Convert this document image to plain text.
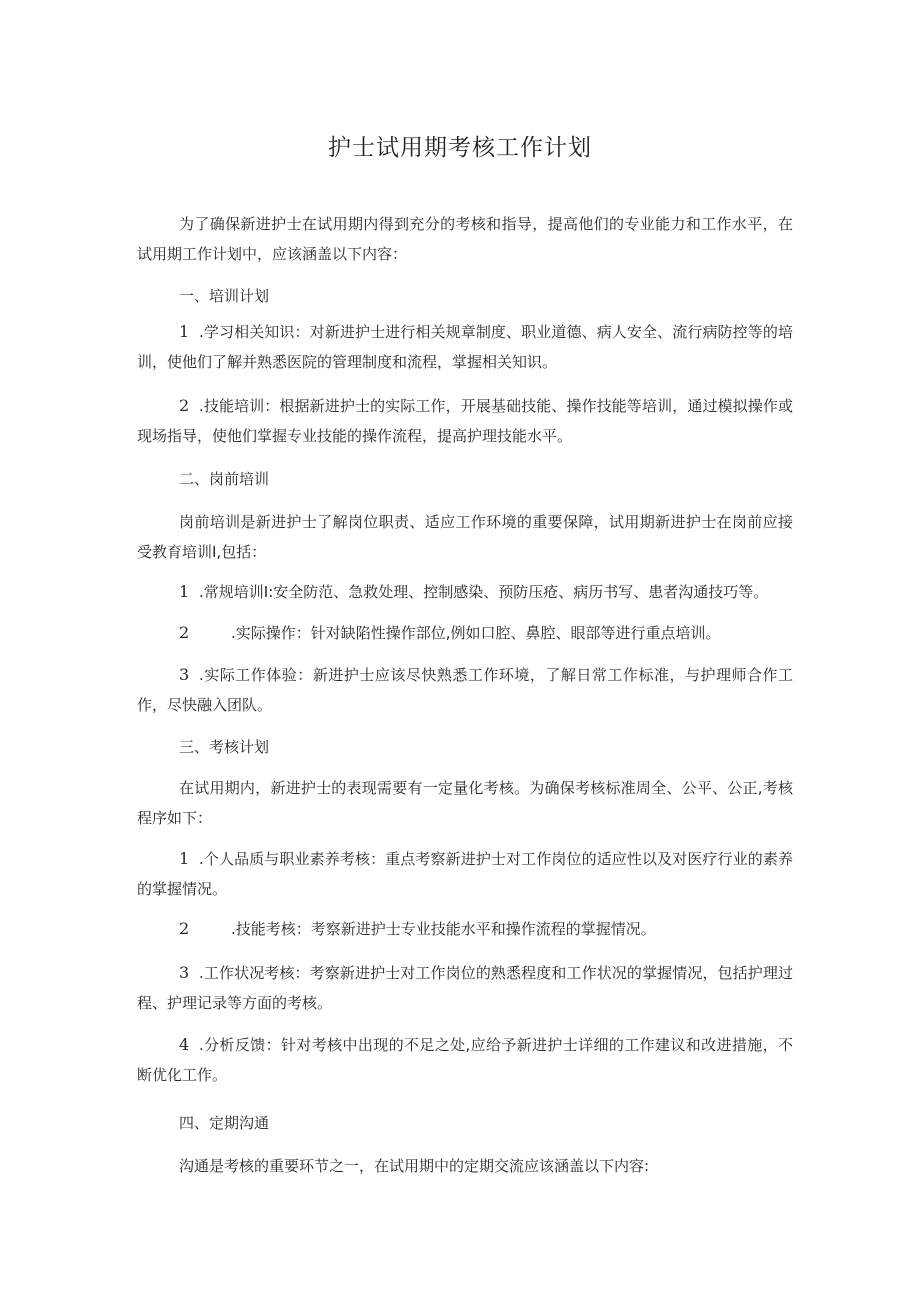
护士试用期考核工作计划
为了确保新进护士在试用期内得到充分的考核和指导，提高他们的专业能力和工作水平，在试用期工作计划中，应该涵盖以下内容：
一、培训计划
1 .学习相关知识：对新进护士进行相关规章制度、职业道德、病人安全、流行病防控等的培训，使他们了解并熟悉医院的管理制度和流程，掌握相关知识。
2 .技能培训：根据新进护士的实际工作，开展基础技能、操作技能等培训，通过模拟操作或现场指导，使他们掌握专业技能的操作流程，提高护理技能水平。
二、岗前培训
岗前培训是新进护士了解岗位职责、适应工作环境的重要保障，试用期新进护士在岗前应接受教育培训Ⅰ,包括：
1 .常规培训Ⅰ:安全防范、急救处理、控制感染、预防压疮、病历书写、患者沟通技巧等。
2	.实际操作：针对缺陷性操作部位,例如口腔、鼻腔、眼部等进行重点培训。
3 .实际工作体验：新进护士应该尽快熟悉工作环境，了解日常工作标准，与护理师合作工作，尽快融入团队。
三、考核计划
在试用期内，新进护士的表现需要有一定量化考核。为确保考核标准周全、公平、公正,考核程序如下：
1 .个人品质与职业素养考核：重点考察新进护士对工作岗位的适应性以及对医疗行业的素养的掌握情况。
2	.技能考核：考察新进护士专业技能水平和操作流程的掌握情况。
3 .工作状况考核：考察新进护士对工作岗位的熟悉程度和工作状况的掌握情况，包括护理过程、护理记录等方面的考核。
4 .分析反馈：针对考核中出现的不足之处,应给予新进护士详细的工作建议和改进措施，不断优化工作。
四、定期沟通
沟通是考核的重要环节之一，在试用期中的定期交流应该涵盖以下内容:
